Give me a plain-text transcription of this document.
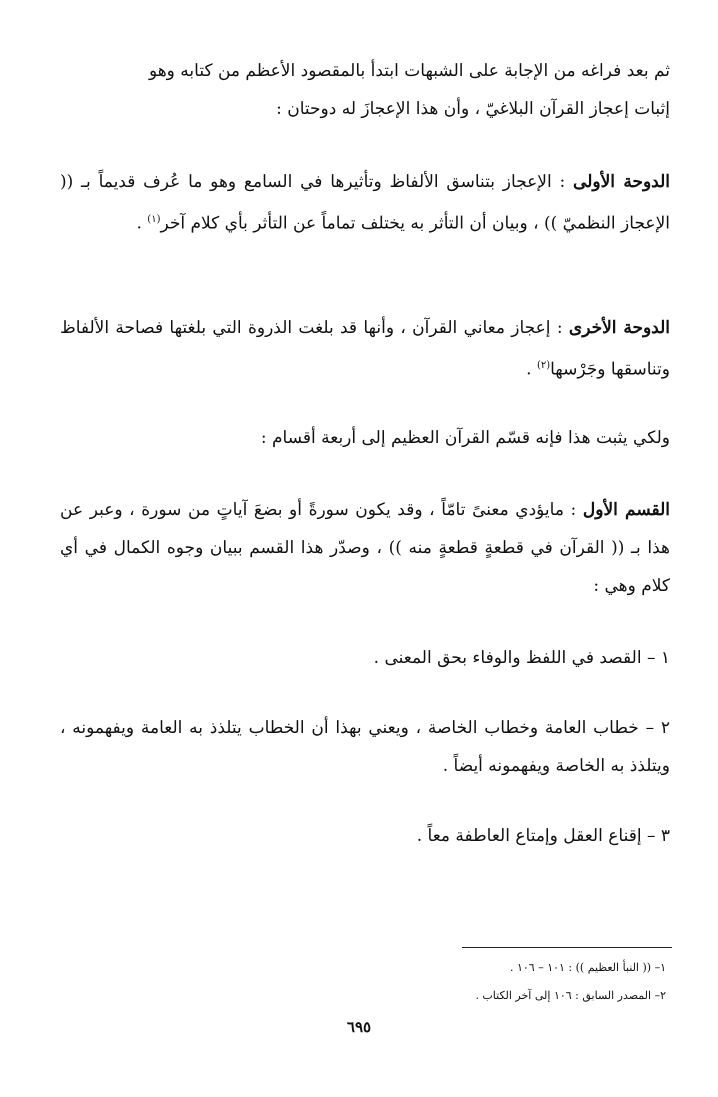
ثم بعد فراغه من الإجابة على الشبهات ابتدأ بالمقصود الأعظم من كتابه وهو
إثبات إعجاز القرآن البلاغيّ ، وأن هذا الإعجازَ له دوحتان :

الدوحة الأولى : الإعجاز بتناسق الألفاظ وتأثيرها في السامع وهو ما عُرف قديماً بـ (( الإعجاز النظميّ )) ، وبيان أن التأثر به يختلف تماماً عن التأثر بأي كلام آخر$^{(١)}$ .

الدوحة الأخرى : إعجاز معاني القرآن ، وأنها قد بلغت الذروة التي بلغتها فصاحة الألفاظ وتناسقها وجَرْسها$^{(٢)}$ .

ولكي يثبت هذا فإنه قسّم القرآن العظيم إلى أربعة أقسام :

القسم الأول : مايؤدي معنىً تامّاً ، وقد يكون سورةً أو بضعَ آياتٍ من سورة ، وعبر عن هذا بـ (( القرآن في قطعةٍ قطعةٍ منه )) ، وصدّر هذا القسم ببيان وجوه الكمال في أي كلام وهي :

١ – القصد في اللفظ والوفاء بحق المعنى .

٢ – خطاب العامة وخطاب الخاصة ، ويعني بهذا أن الخطاب يتلذذ به العامة ويفهمونه ، ويتلذذ به الخاصة ويفهمونه أيضاً .

٣ – إقناع العقل وإمتاع العاطفة معاً .

١– (( النبأ العظيم )) : ١٠١ – ١٠٦ .

٢– المصدر السابق : ١٠٦ إلى آخر الكتاب .

٦٩٥
